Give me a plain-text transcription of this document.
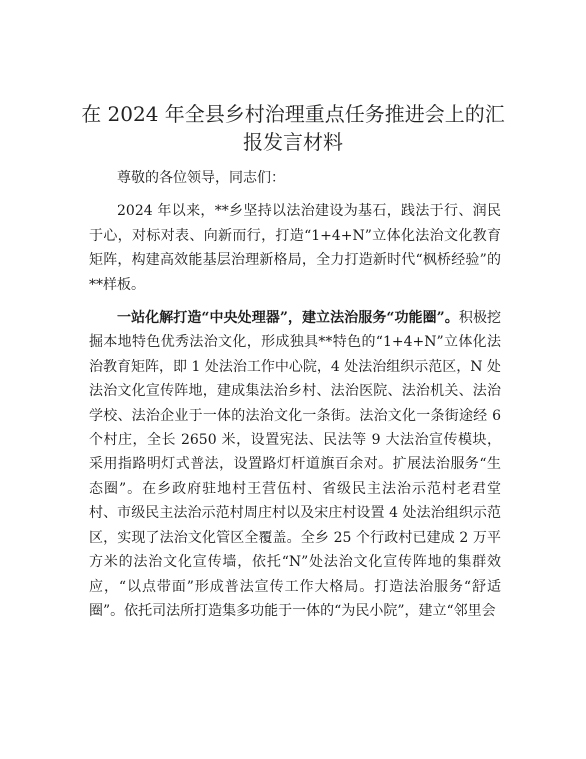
在 2024 年全县乡村治理重点任务推进会上的汇
报发言材料

尊敬的各位领导，同志们：

2024 年以来，**乡坚持以法治建设为基石，践法于行、润民于心，对标对表、向新而行，打造“1+4+N”立体化法治文化教育矩阵，构建高效能基层治理新格局，全力打造新时代“枫桥经验”的**样板。

一站化解打造“中央处理器”，建立法治服务“功能圈”。积极挖掘本地特色优秀法治文化，形成独具**特色的“1+4+N”立体化法治教育矩阵，即 1 处法治工作中心院，4 处法治组织示范区，N 处法治文化宣传阵地，建成集法治乡村、法治医院、法治机关、法治学校、法治企业于一体的法治文化一条街。法治文化一条街途经 6 个村庄，全长 2650 米，设置宪法、民法等 9 大法治宣传模块，采用指路明灯式普法，设置路灯杆道旗百余对。扩展法治服务“生态圈”。在乡政府驻地村王营伍村、省级民主法治示范村老君堂村、市级民主法治示范村周庄村以及宋庄村设置 4 处法治组织示范区，实现了法治文化管区全覆盖。全乡 25 个行政村已建成 2 万平方米的法治文化宣传墙，依托“N”处法治文化宣传阵地的集群效应，“以点带面”形成普法宣传工作大格局。打造法治服务“舒适圈”。依托司法所打造集多功能于一体的“为民小院”，建立“邻里会
